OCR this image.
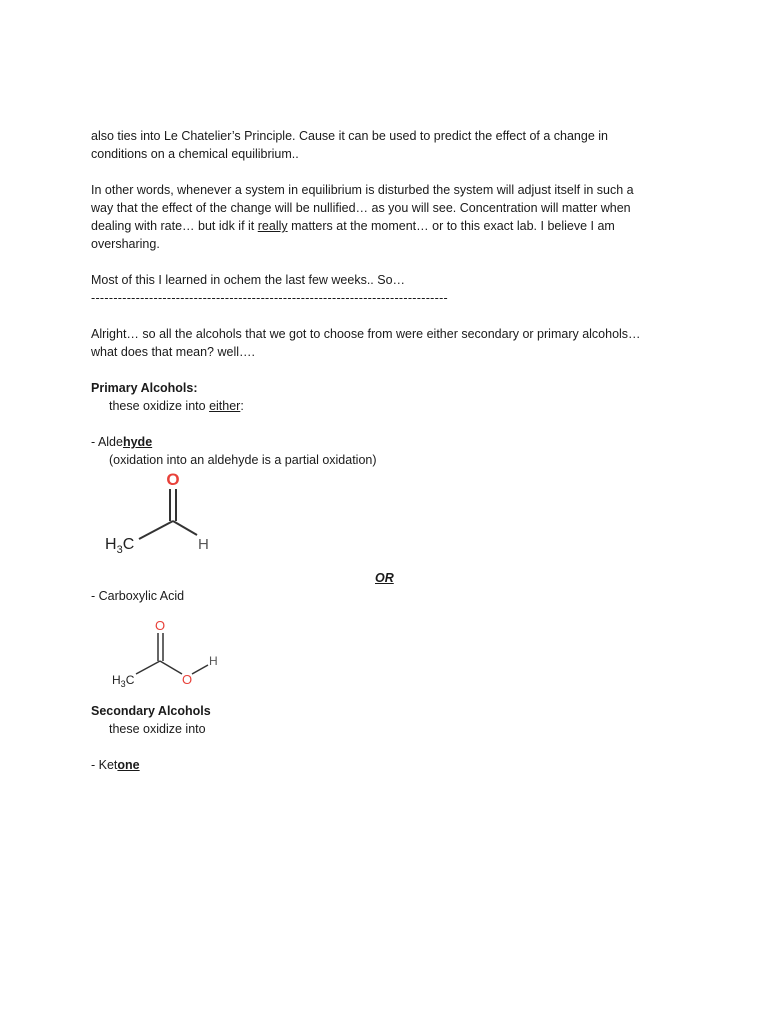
also ties into Le Chatelier’s Principle. Cause it can be used to predict the effect of a change in

conditions on a chemical equilibrium..

In other words, whenever a system in equilibrium is disturbed the system will adjust itself in such a

way that the effect of the change will be nullified… as you will see. Concentration will matter when

dealing with rate… but idk if it really matters at the moment… or to this exact lab. I believe I am

oversharing.

Most of this I learned in ochem the last few weeks.. So…

--------------------------------------------------------------------------------

Alright… so all the alcohols that we got to choose from were either secondary or primary alcohols…

what does that mean? well….

Primary Alcohols:

these oxidize into either:

- Aldehyde

(oxidation into an aldehyde is a partial oxidation)

O
$H_3C$	H
OR

- Carboxylic Acid

O
O
H
$H_3C$

Secondary Alcohols

these oxidize into

- Ketone
